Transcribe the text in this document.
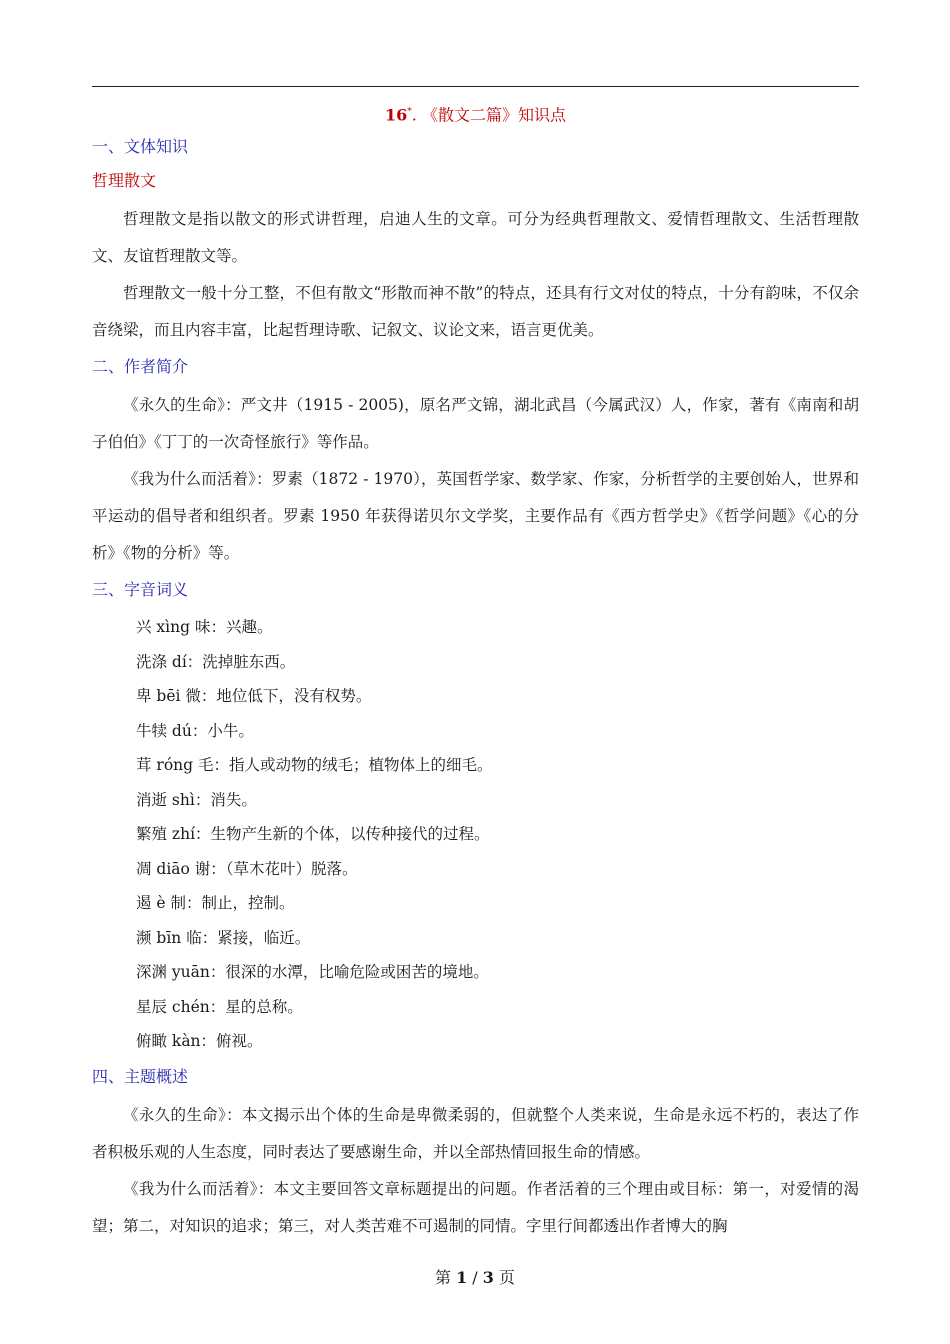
16*. 《散文二篇》知识点
一、文体知识
哲理散文
哲理散文是指以散文的形式讲哲理，启迪人生的文章。可分为经典哲理散文、爱情哲理散文、生活哲理散文、友谊哲理散文等。
哲理散文一般十分工整，不但有散文“形散而神不散”的特点，还具有行文对仗的特点，十分有韵味，不仅余音绕梁，而且内容丰富，比起哲理诗歌、记叙文、议论文来，语言更优美。
二、作者简介
《永久的生命》：严文井（1915 - 2005)，原名严文锦，湖北武昌（今属武汉）人，作家，著有《南南和胡子伯伯》《丁丁的一次奇怪旅行》等作品。
《我为什么而活着》：罗素（1872 - 1970），英国哲学家、数学家、作家，分析哲学的主要创始人，世界和平运动的倡导者和组织者。罗素 1950 年获得诺贝尔文学奖，主要作品有《西方哲学史》《哲学问题》《心的分析》《物的分析》等。
三、字音词义
兴 xìng 味：兴趣。
洗涤 dí：洗掉脏东西。
卑 bēi 微：地位低下，没有权势。
牛犊 dú：小牛。
茸 róng 毛：指人或动物的绒毛；植物体上的细毛。
消逝 shì：消失。
繁殖 zhí：生物产生新的个体，以传种接代的过程。
凋 diāo 谢：（草木花叶）脱落。
遏 è 制：制止，控制。
濒 bīn 临：紧接，临近。
深渊 yuān：很深的水潭，比喻危险或困苦的境地。
星辰 chén：星的总称。
俯瞰 kàn：俯视。
四、主题概述
《永久的生命》：本文揭示出个体的生命是卑微柔弱的，但就整个人类来说，生命是永远不朽的，表达了作者积极乐观的人生态度，同时表达了要感谢生命，并以全部热情回报生命的情感。
《我为什么而活着》：本文主要回答文章标题提出的问题。作者活着的三个理由或目标：第一，对爱情的渴望；第二，对知识的追求；第三，对人类苦难不可遏制的同情。字里行间都透出作者博大的胸
第 1 / 3 页
